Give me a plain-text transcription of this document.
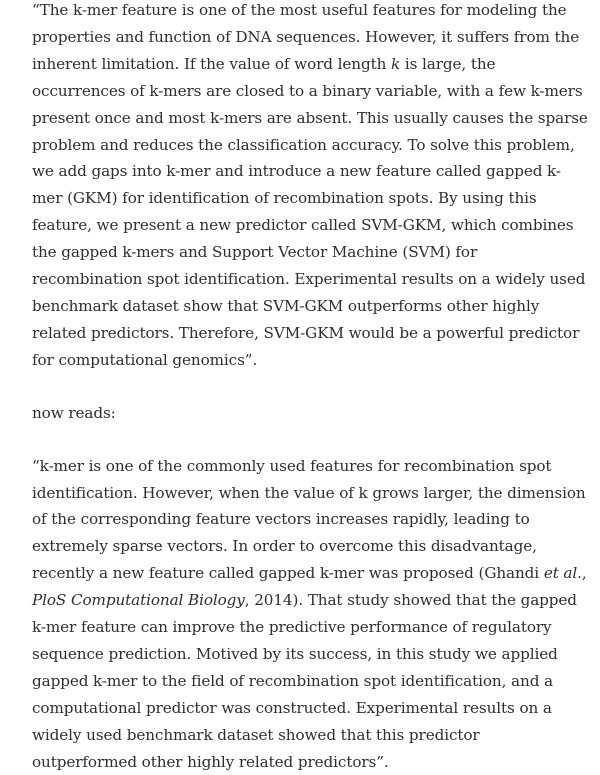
“The k-mer feature is one of the most useful features for modeling the properties and function of DNA sequences. However, it suffers from the inherent limitation. If the value of word length k is large, the occurrences of k-mers are closed to a binary variable, with a few k-mers present once and most k-mers are absent. This usually causes the sparse problem and reduces the classification accuracy. To solve this problem, we add gaps into k-mer and introduce a new feature called gapped k-mer (GKM) for identification of recombination spots. By using this feature, we present a new predictor called SVM-GKM, which combines the gapped k-mers and Support Vector Machine (SVM) for recombination spot identification. Experimental results on a widely used benchmark dataset show that SVM-GKM outperforms other highly related predictors. Therefore, SVM-GKM would be a powerful predictor for computational genomics”.

now reads:

“k-mer is one of the commonly used features for recombination spot identification. However, when the value of k grows larger, the dimension of the corresponding feature vectors increases rapidly, leading to extremely sparse vectors. In order to overcome this disadvantage, recently a new feature called gapped k-mer was proposed (Ghandi et al., PloS Computational Biology, 2014). That study showed that the gapped k-mer feature can improve the predictive performance of regulatory sequence prediction. Motived by its success, in this study we applied gapped k-mer to the field of recombination spot identification, and a computational predictor was constructed. Experimental results on a widely used benchmark dataset showed that this predictor outperformed other highly related predictors”.
